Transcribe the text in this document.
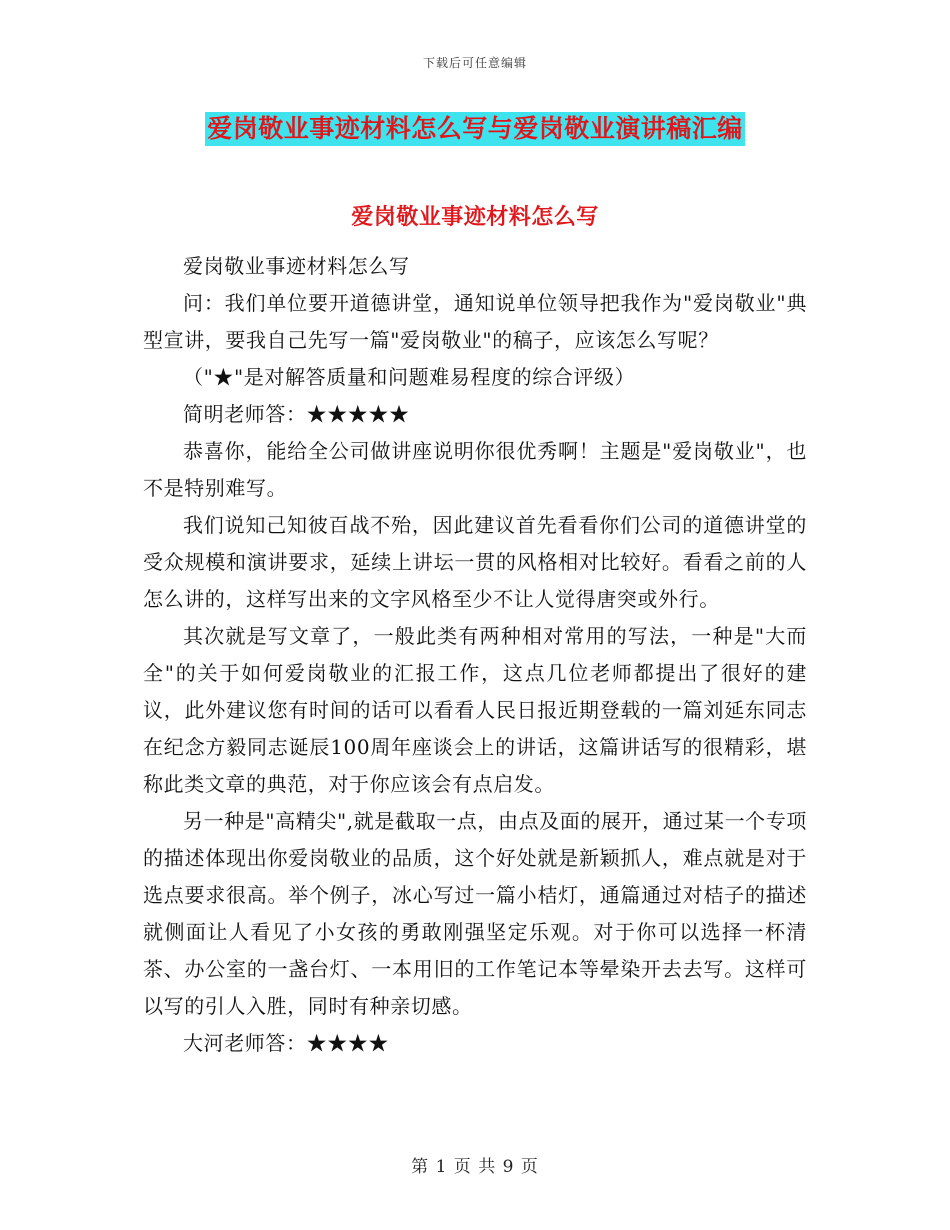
下载后可任意编辑
爱岗敬业事迹材料怎么写与爱岗敬业演讲稿汇编
爱岗敬业事迹材料怎么写

爱岗敬业事迹材料怎么写

问：我们单位要开道德讲堂，通知说单位领导把我作为"爱岗敬业"典型宣讲，要我自己先写一篇"爱岗敬业"的稿子，应该怎么写呢？

（"★"是对解答质量和问题难易程度的综合评级）

简明老师答：★★★★★

恭喜你，能给全公司做讲座说明你很优秀啊！主题是"爱岗敬业"，也不是特别难写。

我们说知己知彼百战不殆，因此建议首先看看你们公司的道德讲堂的受众规模和演讲要求，延续上讲坛一贯的风格相对比较好。看看之前的人怎么讲的，这样写出来的文字风格至少不让人觉得唐突或外行。

其次就是写文章了，一般此类有两种相对常用的写法，一种是"大而全"的关于如何爱岗敬业的汇报工作，这点几位老师都提出了很好的建议，此外建议您有时间的话可以看看人民日报近期登载的一篇刘延东同志在纪念方毅同志诞辰100周年座谈会上的讲话，这篇讲话写的很精彩，堪称此类文章的典范，对于你应该会有点启发。

另一种是"高精尖",就是截取一点，由点及面的展开，通过某一个专项的描述体现出你爱岗敬业的品质，这个好处就是新颖抓人，难点就是对于选点要求很高。举个例子，冰心写过一篇小桔灯，通篇通过对桔子的描述就侧面让人看见了小女孩的勇敢刚强坚定乐观。对于你可以选择一杯清茶、办公室的一盏台灯、一本用旧的工作笔记本等晕染开去去写。这样可以写的引人入胜，同时有种亲切感。

大河老师答：★★★★

第 1 页 共 9 页
